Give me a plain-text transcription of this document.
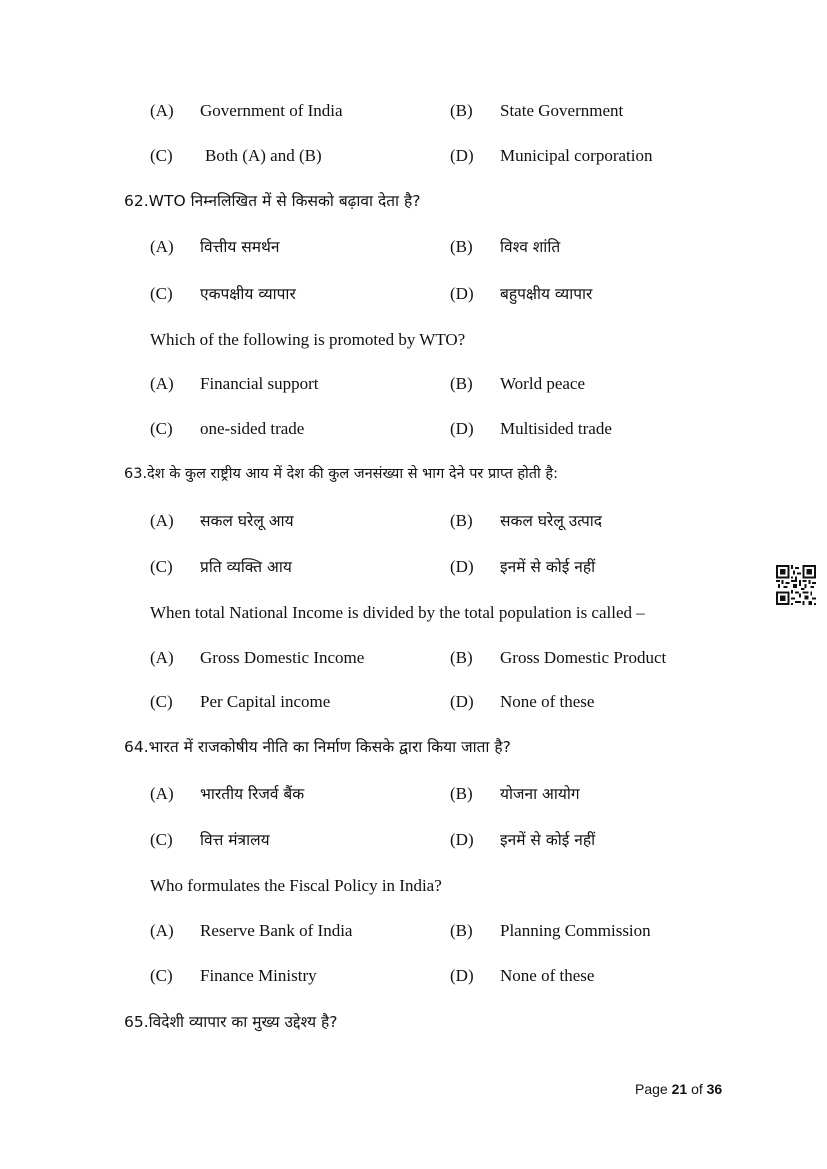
(A) Government of India	(B) State Government
(C) Both (A) and (B)	(D) Municipal corporation
62.WTO निम्नलिखित में से किसको बढ़ावा देता है?
(A) वित्तीय समर्थन	(B) विश्व शांति
(C) एकपक्षीय व्यापार	(D) बहुपक्षीय व्यापार
Which of the following is promoted by WTO?
(A) Financial support	(B) World peace
(C) one-sided trade	(D) Multisided trade
63.देश के कुल राष्ट्रीय आय में देश की कुल जनसंख्या से भाग देने पर प्राप्त होती है:
(A) सकल घरेलू आय	(B) सकल घरेलू उत्पाद
(C) प्रति व्यक्ति आय	(D) इनमें से कोई नहीं
When total National Income is divided by the total population is called –
(A) Gross Domestic Income	(B) Gross Domestic Product
(C) Per Capital income	(D) None of these
64.भारत में राजकोषीय नीति का निर्माण किसके द्वारा किया जाता है?
(A) भारतीय रिजर्व बैंक	(B) योजना आयोग
(C) वित्त मंत्रालय	(D) इनमें से कोई नहीं
Who formulates the Fiscal Policy in India?
(A) Reserve Bank of India	(B) Planning Commission
(C) Finance Ministry	(D) None of these
65.विदेशी व्यापार का मुख्य उद्देश्य है?
Page 21 of 36
